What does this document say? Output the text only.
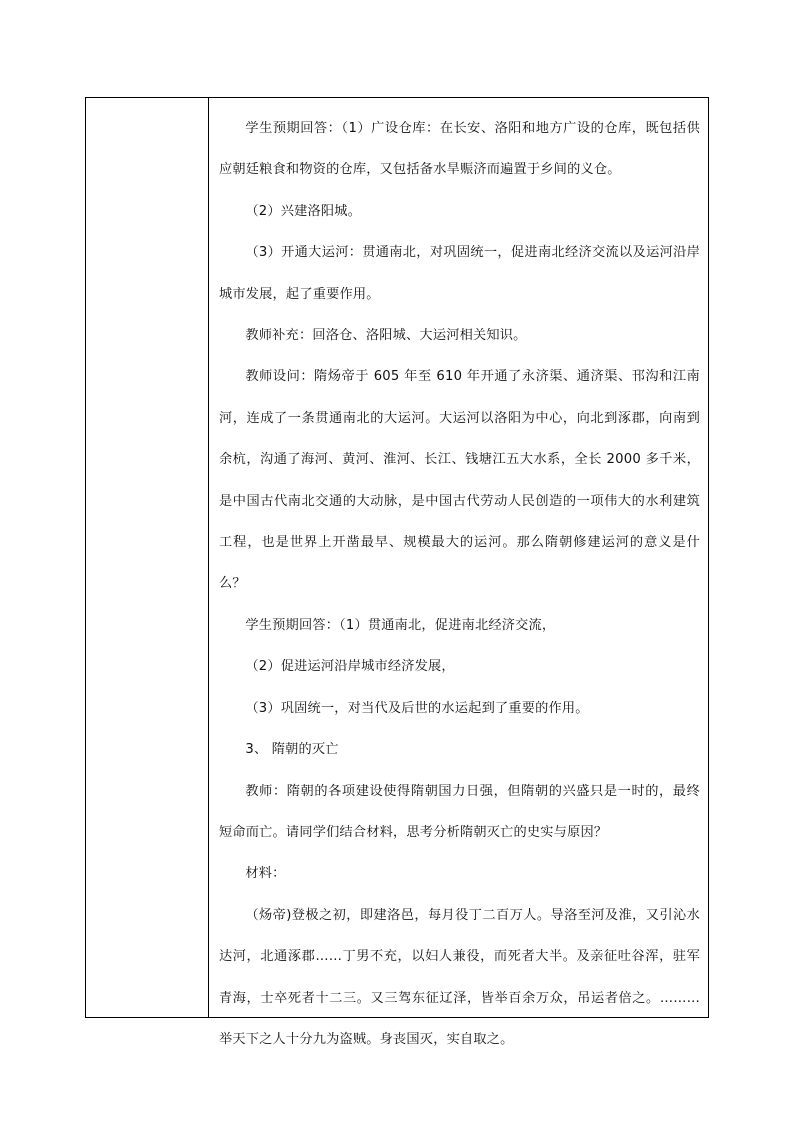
学生预期回答：（1）广设仓库：在长安、洛阳和地方广设的仓库，既包括供应朝廷粮食和物资的仓库，又包括备水旱赈济而遍置于乡间的义仓。

（2）兴建洛阳城。

（3）开通大运河：贯通南北，对巩固统一，促进南北经济交流以及运河沿岸城市发展，起了重要作用。

教师补充：回洛仓、洛阳城、大运河相关知识。

教师设问：隋炀帝于 605 年至 610 年开通了永济渠、通济渠、邗沟和江南河，连成了一条贯通南北的大运河。大运河以洛阳为中心，向北到涿郡，向南到余杭，沟通了海河、黄河、淮河、长江、钱塘江五大水系，全长 2000 多千米，是中国古代南北交通的大动脉，是中国古代劳动人民创造的一项伟大的水利建筑工程，也是世界上开凿最早、规模最大的运河。那么隋朝修建运河的意义是什么？

学生预期回答：（1）贯通南北，促进南北经济交流，

（2）促进运河沿岸城市经济发展，

（3）巩固统一，对当代及后世的水运起到了重要的作用。

3、 隋朝的灭亡

教师：隋朝的各项建设使得隋朝国力日强，但隋朝的兴盛只是一时的，最终短命而亡。请同学们结合材料，思考分析隋朝灭亡的史实与原因？

材料：

（炀帝)登极之初，即建洛邑，每月役丁二百万人。导洛至河及淮，又引沁水达河，北通涿郡……丁男不充，以妇人兼役，而死者大半。及亲征吐谷浑，驻军青海，士卒死者十二三。又三驾东征辽泽，皆举百余万众，吊运者倍之。………举天下之人十分九为盗贼。身丧国灭，实自取之。
